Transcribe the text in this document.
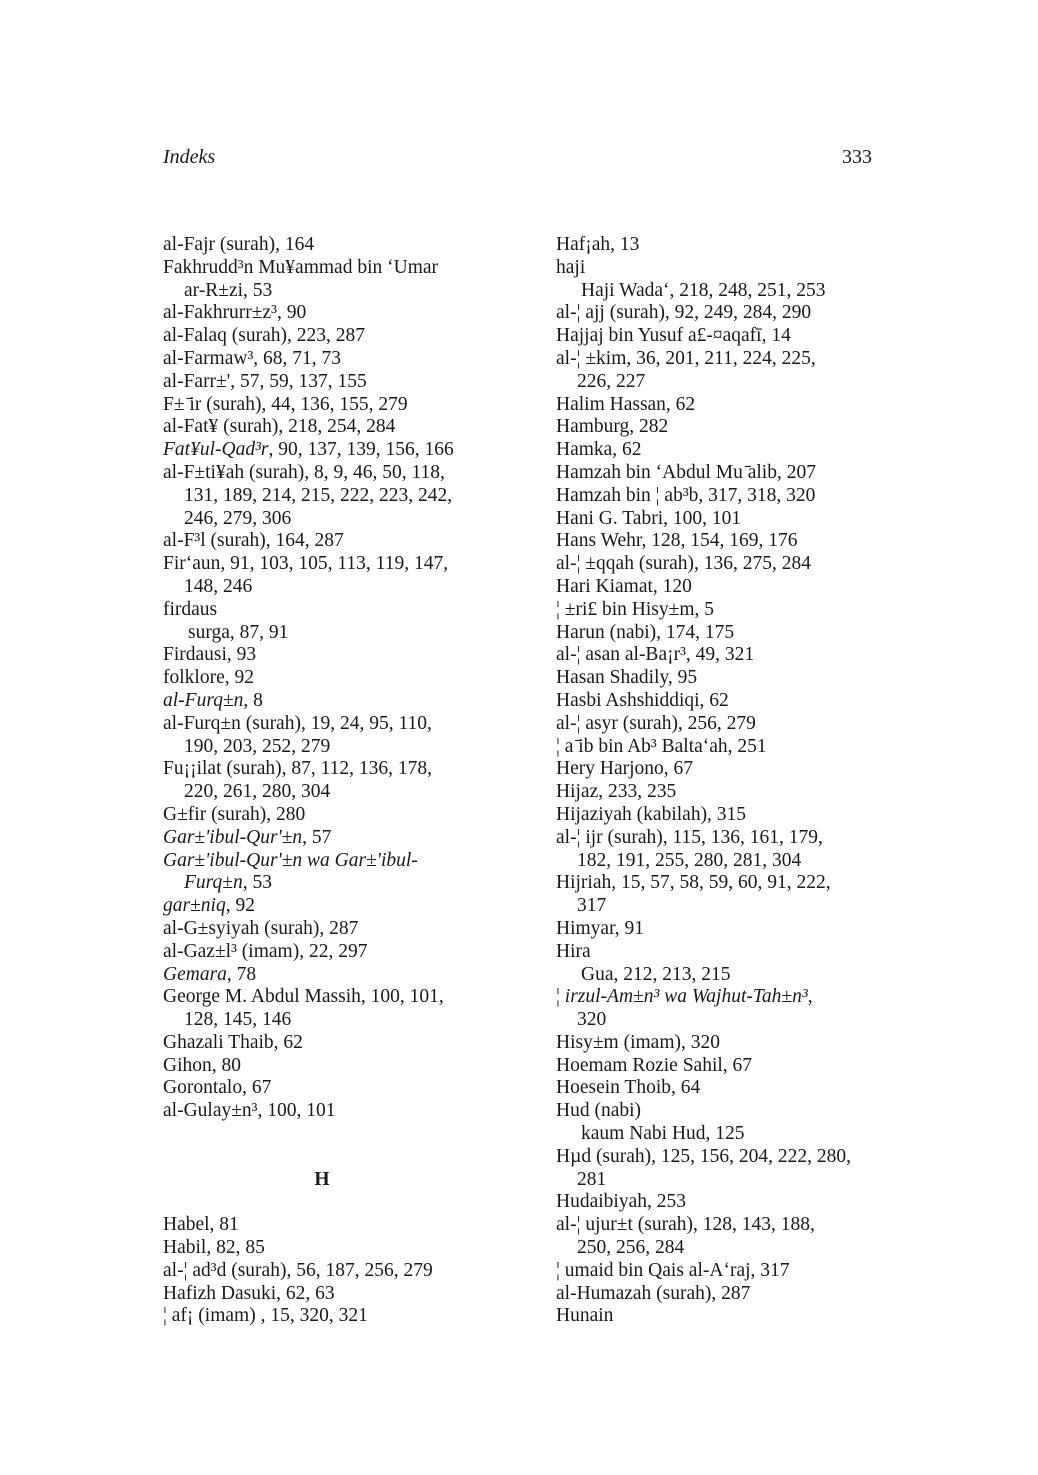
Indeks	333
al-Fajr (surah), 164
Fakhrudd³n Mu¥ammad bin ‘Umar
ar-R±zi, 53
al-Fakhrurr±z³, 90
al-Falaq (surah), 223, 287
al-Farmaw³, 68, 71, 73
al-Farr±', 57, 59, 137, 155
F± ̄ir (surah), 44, 136, 155, 279
al-Fat¥ (surah), 218, 254, 284
Fat¥ul-Qad³r, 90, 137, 139, 156, 166
al-F±ti¥ah (surah), 8, 9, 46, 50, 118,
131, 189, 214, 215, 222, 223, 242,
246, 279, 306
al-F³l (surah), 164, 287
Fir‘aun, 91, 103, 105, 113, 119, 147,
148, 246
firdaus
surga, 87, 91
Firdausi, 93
folklore, 92
al-Furq±n, 8
al-Furq±n (surah), 19, 24, 95, 110,
190, 203, 252, 279
Fu¡¡ilat (surah), 87, 112, 136, 178,
220, 261, 280, 304
G±fir (surah), 280
Gar±'ibul-Qur'±n, 57
Gar±'ibul-Qur'±n wa Gar±'ibul-
Furq±n, 53
gar±niq, 92
al-G±syiyah (surah), 287
al-Gaz±l³ (imam), 22, 297
Gemara, 78
George M. Abdul Massih, 100, 101,
128, 145, 146
Ghazali Thaib, 62
Gihon, 80
Gorontalo, 67
al-Gulay±n³, 100, 101
H
Habel, 81
Habil, 82, 85
al-¦ ad³d (surah), 56, 187, 256, 279
Hafizh Dasuki, 62, 63
¦ af¡ (imam) , 15, 320, 321
Haf¡ah, 13
haji
Haji Wada‘, 218, 248, 251, 253
al-¦ ajj (surah), 92, 249, 284, 290
Hajjaj bin Yusuf a£-¤aqafī, 14
al-¦ ±kim, 36, 201, 211, 224, 225,
226, 227
Halim Hassan, 62
Hamburg, 282
Hamka, 62
Hamzah bin ‘Abdul Mu ̄alib, 207
Hamzah bin ¦ ab³b, 317, 318, 320
Hani G. Tabri, 100, 101
Hans Wehr, 128, 154, 169, 176
al-¦ ±qqah (surah), 136, 275, 284
Hari Kiamat, 120
¦ ±ri£ bin Hisy±m, 5
Harun (nabi), 174, 175
al-¦ asan al-Ba¡r³, 49, 321
Hasan Shadily, 95
Hasbi Ashshiddiqi, 62
al-¦ asyr (surah), 256, 279
¦ a ̄ib bin Ab³ Balta‘ah, 251
Hery Harjono, 67
Hijaz, 233, 235
Hijaziyah (kabilah), 315
al-¦ ijr (surah), 115, 136, 161, 179,
182, 191, 255, 280, 281, 304
Hijriah, 15, 57, 58, 59, 60, 91, 222,
317
Himyar, 91
Hira
Gua, 212, 213, 215
¦ irzul-Am±n³ wa Wajhut-Tah±n³,
320
Hisy±m (imam), 320
Hoemam Rozie Sahil, 67
Hoesein Thoib, 64
Hud (nabi)
kaum Nabi Hud, 125
Hµd (surah), 125, 156, 204, 222, 280,
281
Hudaibiyah, 253
al-¦ ujur±t (surah), 128, 143, 188,
250, 256, 284
¦ umaid bin Qais al-A‘raj, 317
al-Humazah (surah), 287
Hunain
